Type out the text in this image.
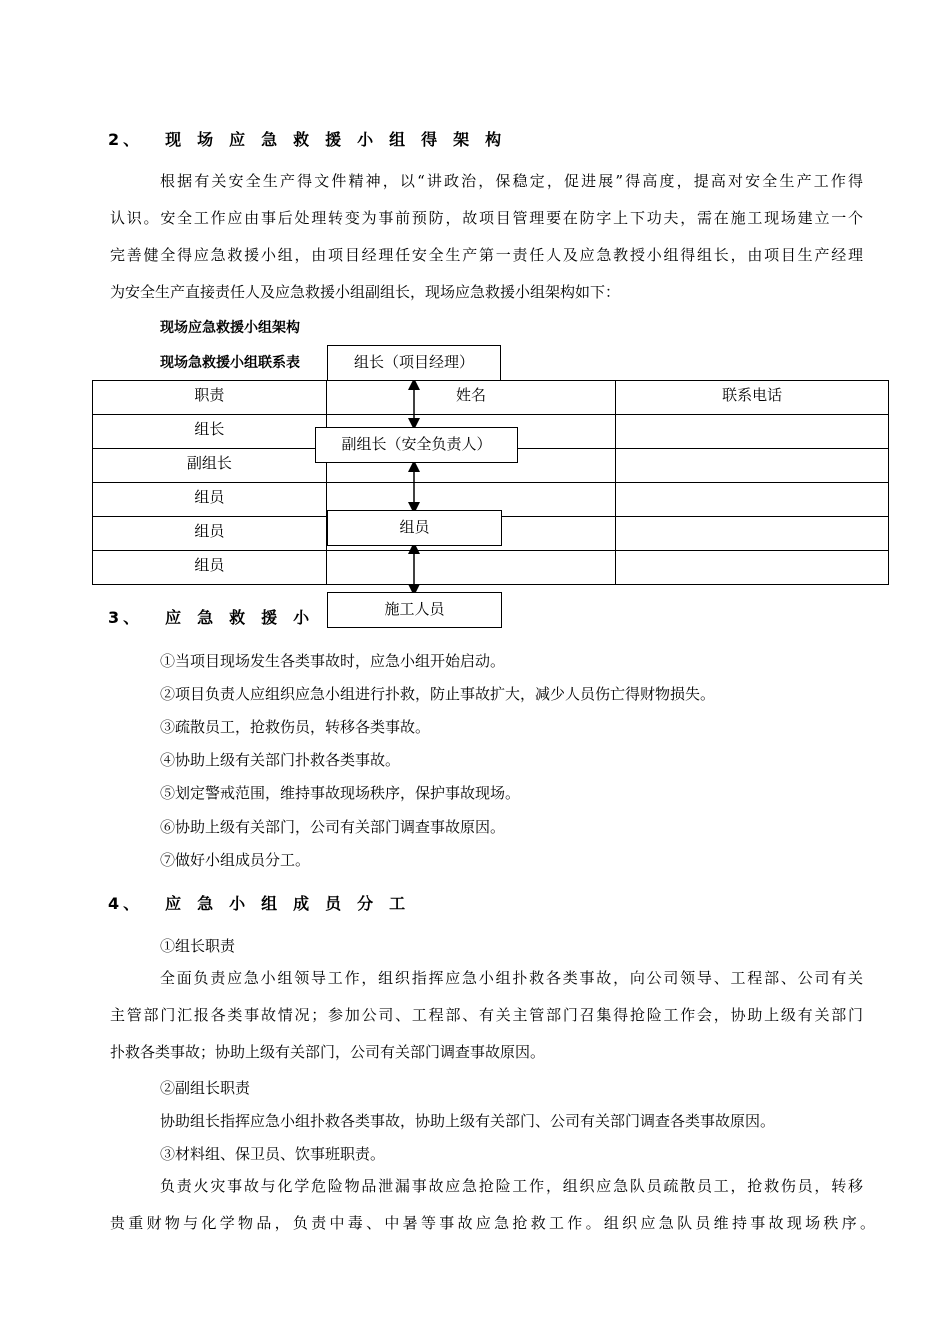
2、 现场应急救援小组得架构
根据有关安全生产得文件精神，以“讲政治，保稳定，促进展”得高度，提高对安全生产工作得
认识。安全工作应由事后处理转变为事前预防，故项目管理要在防字上下功夫，需在施工现场建立一个
完善健全得应急救援小组，由项目经理任安全生产第一责任人及应急教授小组得组长，由项目生产经理
为安全生产直接责任人及应急救援小组副组长，现场应急救援小组架构如下：
现场应急救援小组架构
现场急救援小组联系表
职责	姓名	联系电话
组长		
副组长		
组员		
组员		
组员		
组长（项目经理）
副组长（安全负责人）
组员
施工人员
3、 应急救援小
①当项目现场发生各类事故时，应急小组开始启动。
②项目负责人应组织应急小组进行扑救，防止事故扩大，减少人员伤亡得财物损失。
③疏散员工，抢救伤员，转移各类事故。
④协助上级有关部门扑救各类事故。
⑤划定警戒范围，维持事故现场秩序，保护事故现场。
⑥协助上级有关部门，公司有关部门调查事故原因。
⑦做好小组成员分工。
4、 应急小组成员分工
①组长职责
全面负责应急小组领导工作，组织指挥应急小组扑救各类事故，向公司领导、工程部、公司有关
主管部门汇报各类事故情况；参加公司、工程部、有关主管部门召集得抢险工作会，协助上级有关部门
扑救各类事故；协助上级有关部门，公司有关部门调查事故原因。
②副组长职责
协助组长指挥应急小组扑救各类事故，协助上级有关部门、公司有关部门调查各类事故原因。
③材料组、保卫员、饮事班职责。
负责火灾事故与化学危险物品泄漏事故应急抢险工作，组织应急队员疏散员工，抢救伤员，转移
贵重财物与化学物品，负责中毒、中暑等事故应急抢救工作。组织应急队员维持事故现场秩序。
